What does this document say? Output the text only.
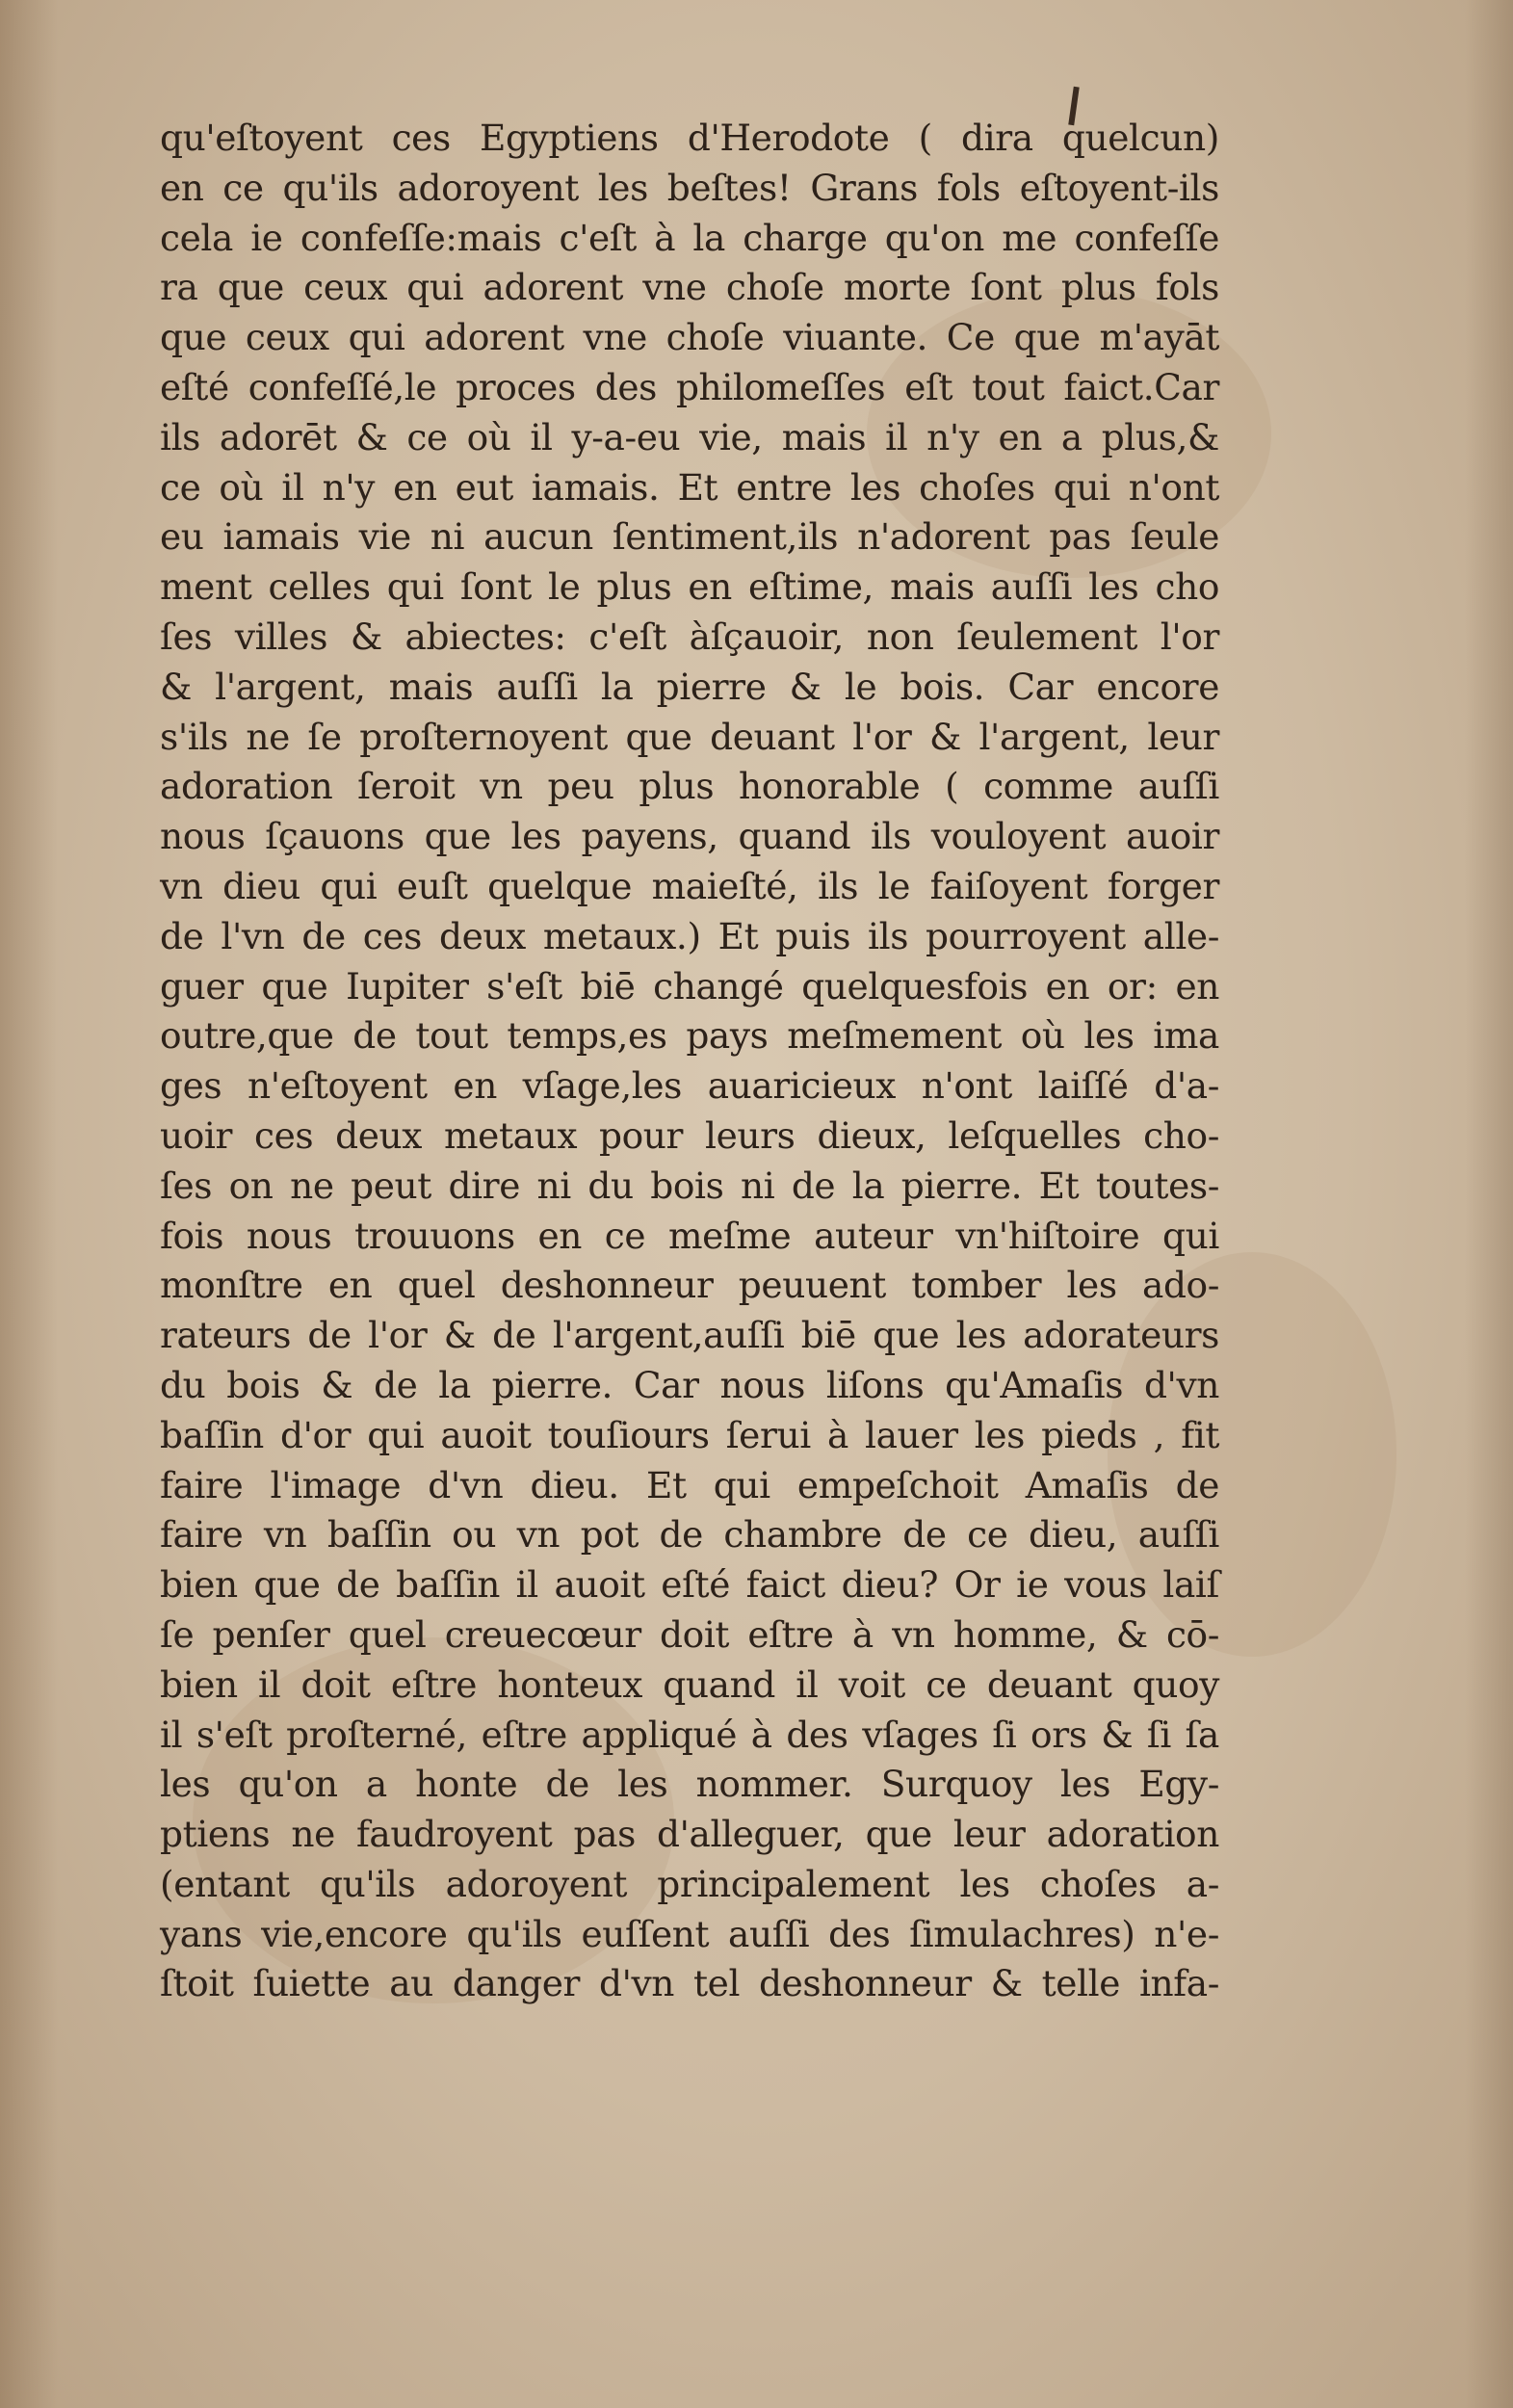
qu'eſtoyent ces Egyptiens d'Herodote ( dira quelcun)
en ce qu'ils adoroyent les beſtes! Grans fols eſtoyent-ils
cela ie confeſſe:mais c'eſt à la charge qu'on me confeſſe
ra que ceux qui adorent vne choſe morte ſont plus fols
que ceux qui adorent vne choſe viuante. Ce que m'ayāt
eſté confeſſé,le proces des philomeſſes eſt tout faict.Car
ils adorēt & ce où il y-a-eu vie, mais il n'y en a plus,&
ce où il n'y en eut iamais. Et entre les choſes qui n'ont
eu iamais vie ni aucun ſentiment,ils n'adorent pas ſeule
ment celles qui ſont le plus en eſtime, mais auſſi les cho
ſes villes & abiectes: c'eſt àſçauoir, non ſeulement l'or
& l'argent, mais auſſi la pierre & le bois. Car encore
s'ils ne ſe proſternoyent que deuant l'or & l'argent, leur
adoration ſeroit vn peu plus honorable ( comme auſſi
nous ſçauons que les payens, quand ils vouloyent auoir
vn dieu qui euſt quelque maieſté, ils le faiſoyent forger
de l'vn de ces deux metaux.) Et puis ils pourroyent alle-
guer que Iupiter s'eſt biē changé quelquesfois en or: en
outre,que de tout temps,es pays meſmement où les ima
ges n'eſtoyent en vſage,les auaricieux n'ont laiſſé d'a-
uoir ces deux metaux pour leurs dieux, leſquelles cho-
ſes on ne peut dire ni du bois ni de la pierre. Et toutes-
fois nous trouuons en ce meſme auteur vn'hiſtoire qui
monſtre en quel deshonneur peuuent tomber les ado-
rateurs de l'or & de l'argent,auſſi biē que les adorateurs
du bois & de la pierre. Car nous liſons qu'Amaſis d'vn
baſſin d'or qui auoit touſiours ſerui à lauer les pieds , fit
faire l'image d'vn dieu. Et qui empeſchoit Amaſis de
faire vn baſſin ou vn pot de chambre de ce dieu, auſſi
bien que de baſſin il auoit eſté faict dieu? Or ie vous laiſ
ſe penſer quel creuecœur doit eſtre à vn homme, & cō-
bien il doit eſtre honteux quand il voit ce deuant quoy
il s'eſt proſterné, eſtre appliqué à des vſages ſi ors & ſi ſa
les qu'on a honte de les nommer. Surquoy les Egy-
ptiens ne faudroyent pas d'alleguer, que leur adoration
(entant qu'ils adoroyent principalement les choſes a-
yans vie,encore qu'ils euſſent auſſi des ſimulachres) n'e-
ſtoit ſuiette au danger d'vn tel deshonneur & telle infa-
